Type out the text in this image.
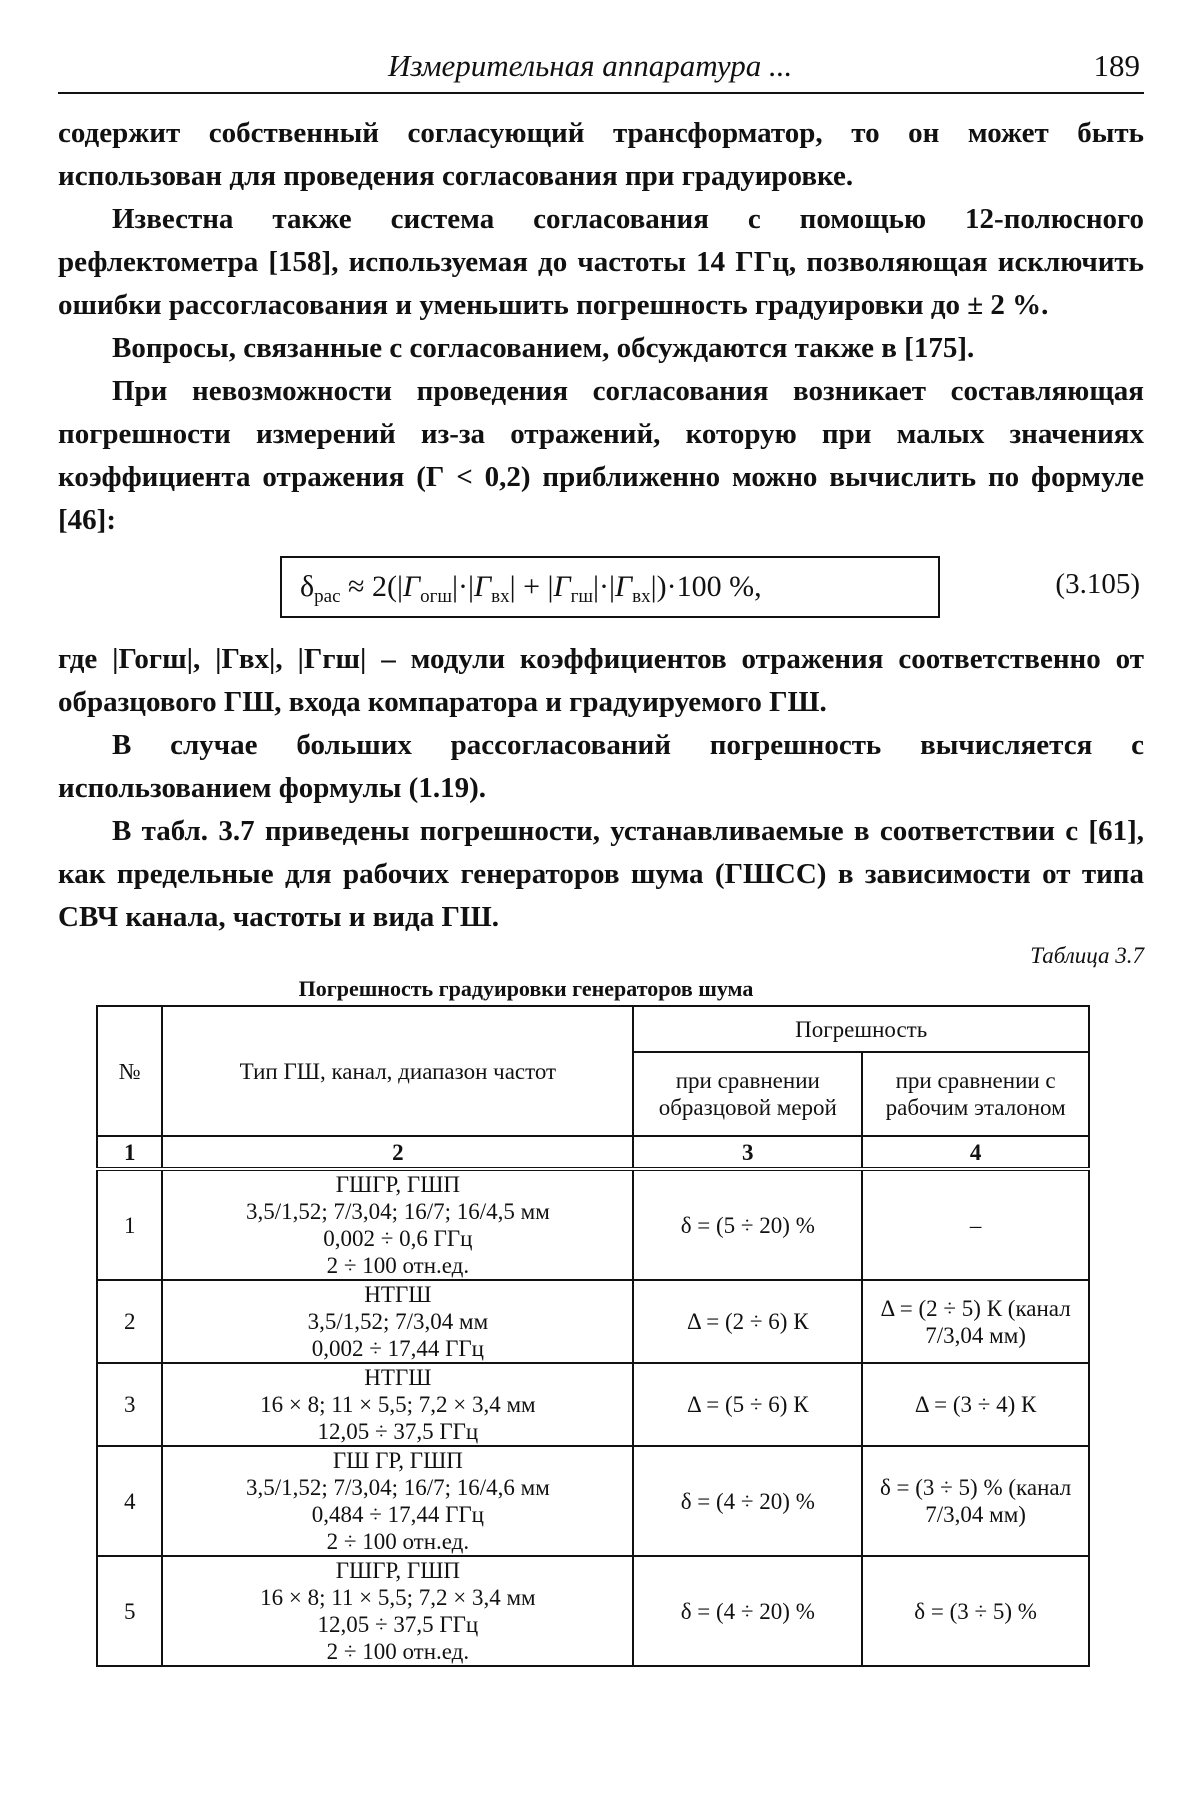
Измерительная аппаратура ...	189

содержит собственный согласующий трансформатор, то он может быть использован для проведения согласования при градуировке.

Известна также система согласования с помощью 12-полюсного рефлектометра [158], используемая до частоты 14 ГГц, позволяющая исключить ошибки рассогласования и уменьшить погрешность градуировки до ± 2 %.

Вопросы, связанные с согласованием, обсуждаются также в [175].

При невозможности проведения согласования возникает составляющая погрешности измерений из-за отражений, которую при малых значениях коэффициента отражения (Г < 0,2) приближенно можно вычислить по формуле [46]:

$\delta_{рас} \approx 2(|Г_{огш}|\cdot|Г_{вх}| + |Г_{гш}|\cdot|Г_{вх}|)\cdot 100$ %,	(3.105)

где |Гогш|, |Гвх|, |Ггш| – модули коэффициентов отражения соответственно от образцового ГШ, входа компаратора и градуируемого ГШ.

В случае больших рассогласований погрешность вычисляется с использованием формулы (1.19).

В табл. 3.7 приведены погрешности, устанавливаемые в соответствии с [61], как предельные для рабочих генераторов шума (ГШСС) в зависимости от типа СВЧ канала, частоты и вида ГШ.

Таблица 3.7
Погрешность градуировки генераторов шума
№	Тип ГШ, канал, диапазон частот	Погрешность	
		при сравнении образцовой мерой	при сравнении с рабочим эталоном
1	2	3	4
1	ГШГР, ГШП
3,5/1,52; 7/3,04; 16/7; 16/4,5 мм
0,002 ÷ 0,6 ГГц
2 ÷ 100 отн.ед.	δ = (5 ÷ 20) %	–
2	НТГШ
3,5/1,52; 7/3,04 мм
0,002 ÷ 17,44 ГГц	Δ = (2 ÷ 6) К	Δ = (2 ÷ 5) К (канал 7/3,04 мм)
3	НТГШ
16 × 8; 11 × 5,5; 7,2 × 3,4 мм
12,05 ÷ 37,5 ГГц	Δ = (5 ÷ 6) К	Δ = (3 ÷ 4) К
4	ГШ ГР, ГШП
3,5/1,52; 7/3,04; 16/7; 16/4,6 мм
0,484 ÷ 17,44 ГГц
2 ÷ 100 отн.ед.	δ = (4 ÷ 20) %	δ = (3 ÷ 5) % (канал 7/3,04 мм)
5	ГШГР, ГШП
16 × 8; 11 × 5,5; 7,2 × 3,4 мм
12,05 ÷ 37,5 ГГц
2 ÷ 100 отн.ед.	δ = (4 ÷ 20) %	δ = (3 ÷ 5) %
